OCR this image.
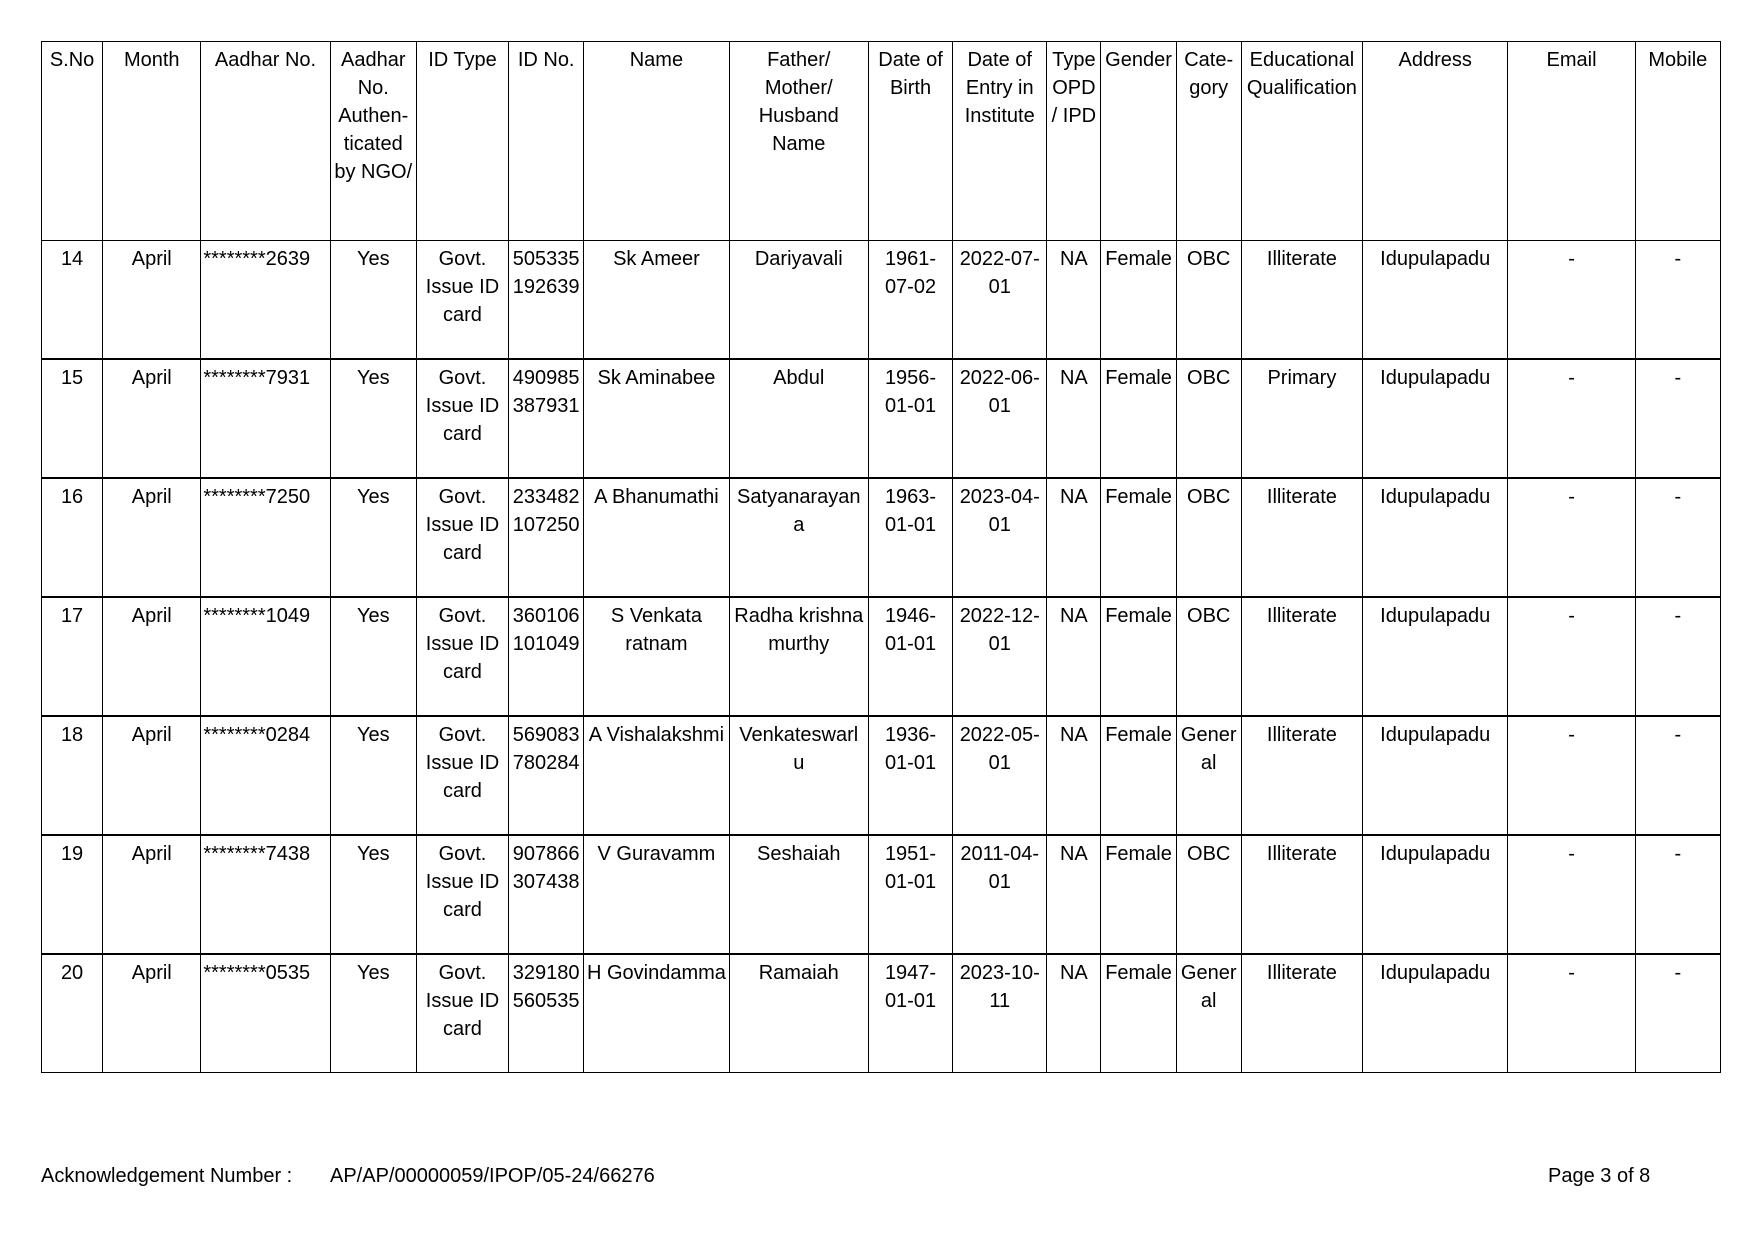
S.No	Month	Aadhar No.	Aadhar No. Authen- ticated by NGO/	ID Type	ID No.	Name	Father/ Mother/ Husband Name	Date of Birth	Date of Entry in Institute	Type OPD / IPD	Gender	Cate- gory	Educational Qualification	Address	Email	Mobile
14	April	********2639	Yes	Govt. Issue ID card	505335 192639	Sk Ameer	Dariyavali	1961- 07-02	2022-07- 01	NA	Female	OBC	Illiterate	Idupulapadu	-	-
15	April	********7931	Yes	Govt. Issue ID card	490985 387931	Sk Aminabee	Abdul	1956- 01-01	2022-06- 01	NA	Female	OBC	Primary	Idupulapadu	-	-
16	April	********7250	Yes	Govt. Issue ID card	233482 107250	A Bhanumathi	Satyanarayan a	1963- 01-01	2023-04- 01	NA	Female	OBC	Illiterate	Idupulapadu	-	-
17	April	********1049	Yes	Govt. Issue ID card	360106 101049	S Venkata ratnam	Radha krishna murthy	1946- 01-01	2022-12- 01	NA	Female	OBC	Illiterate	Idupulapadu	-	-
18	April	********0284	Yes	Govt. Issue ID card	569083 780284	A Vishalakshmi	Venkateswarl u	1936- 01-01	2022-05- 01	NA	Female	Gener al	Illiterate	Idupulapadu	-	-
19	April	********7438	Yes	Govt. Issue ID card	907866 307438	V Guravamm	Seshaiah	1951- 01-01	2011-04- 01	NA	Female	OBC	Illiterate	Idupulapadu	-	-
20	April	********0535	Yes	Govt. Issue ID card	329180 560535	H Govindamma	Ramaiah	1947- 01-01	2023-10- 11	NA	Female	Gener al	Illiterate	Idupulapadu	-	-
Acknowledgement Number : AP/AP/00000059/IPOP/05-24/66276	Page 3 of 8
